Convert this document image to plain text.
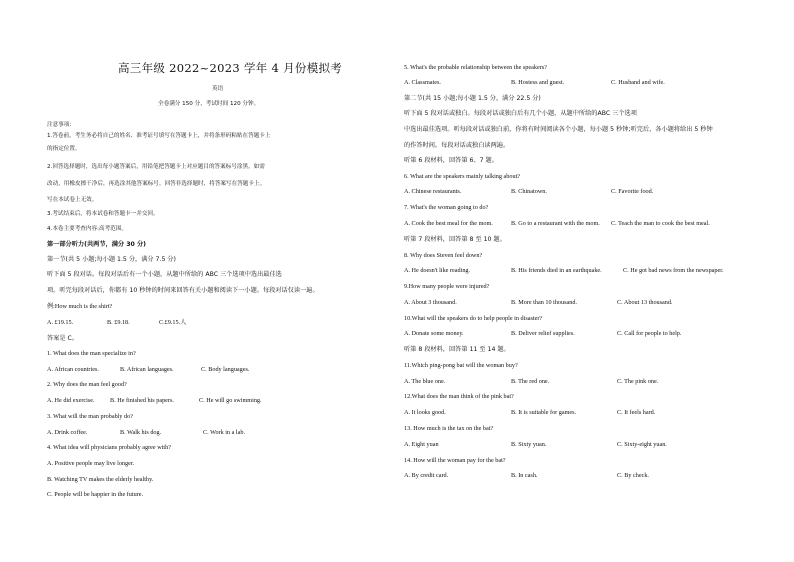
高三年级 2022~2023 学年 4 月份模拟考
英语
全卷满分 150 分，考试时间 120 分钟。
注意事项：
1.答卷前，考生务必将自己的姓名、准考证号填写在答题卡上，并将条形码粘贴在答题卡上
的指定位置。
2.回答选择题时，选出每小题答案后，用铅笔把答题卡上对应题目的答案标号涂黑。如需
改动，用橡皮擦干净后，再选涂其他答案标号。回答非选择题时，将答案写在答题卡上。
写在本试卷上无效。
3.考试结束后，将本试卷和答题卡一并交回。
4.本卷主要考查内容:高考范围。
第一部分听力(共两节，满分 30 分)
第一节(共 5 小题;每小题 1.5 分，满分 7.5 分)
听下面 5 段对话。每段对话后有一个小题，从题中所给的 ABC 三个选项中选出最佳选
项。听完每段对话后，你都有 10 秒钟的时间来回答有关小题和阅读下一小题。每段对话仅读一遍。
例:How much is the shirt?
A. £19.15.	B. £9.18.	C.£9.15.人
答案是 C。
1. What does the man specialize in?
A. African countries.	B. African languages.	C. Body languages.
2. Why does the man feel good?
A. He did exercise. B. He finished his papers.	C. He will go swimming.
3. What will the man probably do?
A. Drink coffee.	B. Walk his dog.	C. Work in a lab.
4. What idea will physicians probably agree with?
A. Positive people may live longer.
B. Watching TV makes the elderly healthy.
C. People will be happier in the future.
5. What's the probable relationship between the speakers?
A. Classmates.	B. Hostess and guest.	C. Husband and wife.
第二节(共 15 小题;每小题 1.5 分，满分 22.5 分)
听下面 5 段对话或独白。每段对话或独白后有几个小题，从题中所给的ABC 三个选项
中选出最佳选项。听每段对话或独白前，你将有时间阅读各个小题，每小题 5 秒钟;听完后，各小题将给出 5 秒钟
的作答时间。每段对话或独白读两遍。
听第 6 段材料，回答第 6、7 题。
6. What are the speakers mainly talking about?
A. Chinese restaurants.	B. Chinatown.	C. Favorite food.
7. What's the woman going to do?
A. Cook the best meal for the mom.	B. Go to a restaurant with the mom. C. Teach the man to cook the best meal.
听第 7 段材料，回答第 8 至 10 题。
8. Why does Steven feel down?
A. He doesn't like reading.	B. His friends died in an earthquake.	C. He got bad news from the newspaper.
9.How many people were injured?
A. About 3 thousand.	B. More than 10 thousand.	C. About 13 thousand.
10.What will the speakers do to help people in disaster?
A. Donate some money.	B. Deliver relief supplies.	C. Call for people to help.
听第 8 段材料，回答第 11 至 14 题。
11.Which ping-pong bat will the woman buy?
A. The blue one.	B. The red one.	C. The pink one.
12.What does the man think of the pink bat?
A. It looks good.	B. It is suitable for games.	C. It feels hard.
13. How much is the tax on the bat?
A. Eight yuan	B. Sixty yuan.	C. Sixty-eight yuan.
14. How will the woman pay for the bat?
A. By credit card.	B. In cash.	C. By check.
